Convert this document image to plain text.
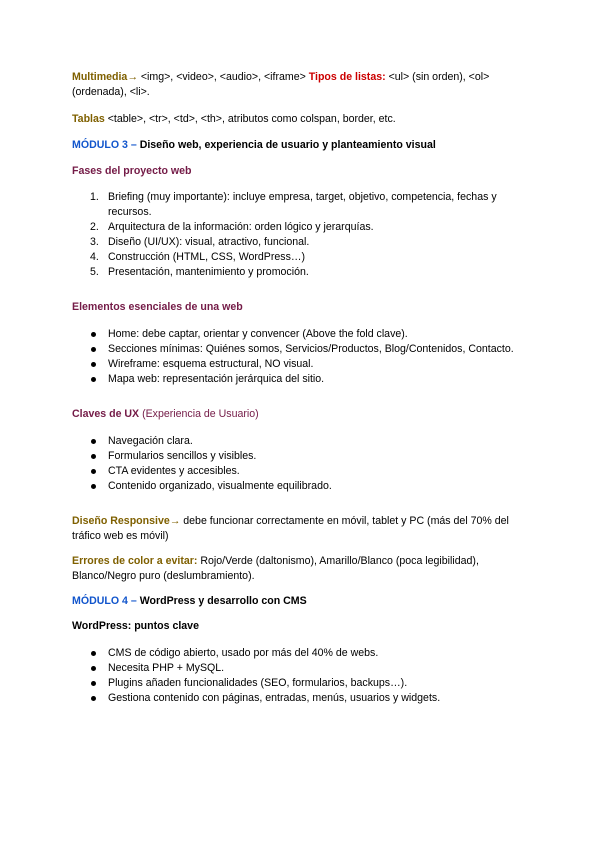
Multimedia→ <img>, <video>, <audio>, <iframe> Tipos de listas: <ul> (sin orden), <ol> (ordenada), <li>.

Tablas <table>, <tr>, <td>, <th>, atributos como colspan, border, etc.

MÓDULO 3 – Diseño web, experiencia de usuario y planteamiento visual

Fases del proyecto web

1. Briefing (muy importante): incluye empresa, target, objetivo, competencia, fechas y recursos.
2. Arquitectura de la información: orden lógico y jerarquías.
3. Diseño (UI/UX): visual, atractivo, funcional.
4. Construcción (HTML, CSS, WordPress…)
5. Presentación, mantenimiento y promoción.

Elementos esenciales de una web

Home: debe captar, orientar y convencer (Above the fold clave).
Secciones mínimas: Quiénes somos, Servicios/Productos, Blog/Contenidos, Contacto.
Wireframe: esquema estructural, NO visual.
Mapa web: representación jerárquica del sitio.

Claves de UX (Experiencia de Usuario)

Navegación clara.
Formularios sencillos y visibles.
CTA evidentes y accesibles.
Contenido organizado, visualmente equilibrado.

Diseño Responsive→ debe funcionar correctamente en móvil, tablet y PC (más del 70% del tráfico web es móvil)

Errores de color a evitar: Rojo/Verde (daltonismo), Amarillo/Blanco (poca legibilidad), Blanco/Negro puro (deslumbramiento).

MÓDULO 4 – WordPress y desarrollo con CMS

WordPress: puntos clave

CMS de código abierto, usado por más del 40% de webs.
Necesita PHP + MySQL.
Plugins añaden funcionalidades (SEO, formularios, backups…).
Gestiona contenido con páginas, entradas, menús, usuarios y widgets.
